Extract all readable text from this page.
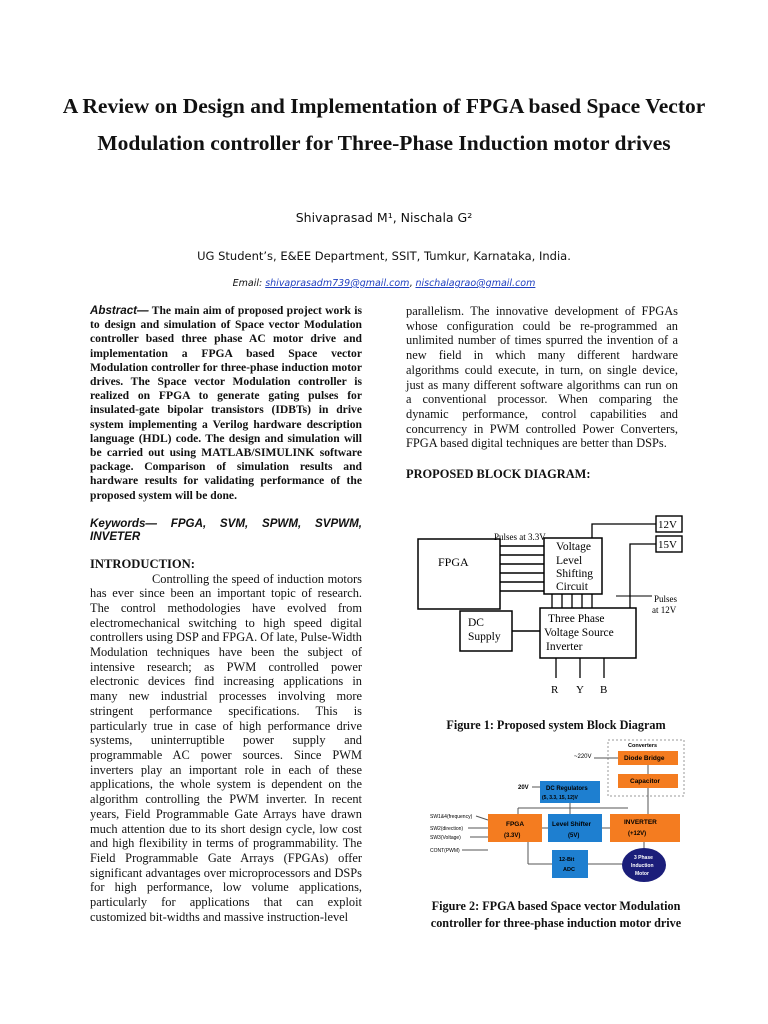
A Review on Design and Implementation of FPGA based Space Vector Modulation controller for Three-Phase Induction motor drives
Shivaprasad M¹, Nischala G²
UG Student’s, E&EE Department, SSIT, Tumkur, Karnataka, India.
Email: shivaprasadm739@gmail.com, nischalagrao@gmail.com
Abstract— The main aim of proposed project work is to design and simulation of Space vector Modulation controller based three phase AC motor drive and implementation a FPGA based Space vector Modulation controller for three-phase induction motor drives. The Space vector Modulation controller is realized on FPGA to generate gating pulses for insulated-gate bipolar transistors (IDBTs) in drive system implementing a Verilog hardware description language (HDL) code. The design and simulation will be carried out using MATLAB/SIMULINK software package. Comparison of simulation results and hardware results for validating performance of the proposed system will be done.
Keywords— FPGA, SVM, SPWM, SVPWM, INVETER
INTRODUCTION:

Controlling the speed of induction motors has ever since been an important topic of research. The control methodologies have evolved from electromechanical switching to high speed digital controllers using DSP and FPGA. Of late, Pulse-Width Modulation techniques have been the subject of intensive research; as PWM controlled power electronic devices find increasing applications in many new industrial processes involving more stringent performance specifications. This is particularly true in case of high performance drive systems, uninterruptible power supply and programmable AC power sources. Since PWM inverters play an important role in each of these applications, the whole system is dependent on the algorithm controlling the PWM inverter. In recent years, Field Programmable Gate Arrays have drawn much attention due to its short design cycle, low cost and high flexibility in terms of programmability. The Field Programmable Gate Arrays (FPGAs) offer significant advantages over microprocessors and DSPs for high performance, low volume applications, particularly for applications that can exploit customized bit-widths and massive instruction-level

parallelism. The innovative development of FPGAs whose configuration could be re-programmed an unlimited number of times spurred the invention of a new field in which many different hardware algorithms could execute, in turn, on single device, just as many different software algorithms can run on a conventional processor. When comparing the dynamic performance, control capabilities and concurrency in PWM controlled Power Converters, FPGA based digital techniques are better than DSPs.

PROPOSED BLOCK DIAGRAM:
FPGA
Pulses at 3.3V
Voltage
Level
Shifting
Circuit
12V
15V
Pulses
at 12V
DC
Supply
Three Phase
Voltage Source
Inverter
R Y B
Figure 1: Proposed system Block Diagram
Converters
Diode Bridge
Capacitor
~220V
20V	DC Regulators
(5, 3.3, 15, 12)V
SW1&4(frequency)
SW2(direction)
SW3(Voltage)
FPGA
(3.3V)
Level Shifter
(5V)
INVERTER
(+12V)
CONT(PWM)
12-Bit
ADC
3 Phase
Induction
Motor
Figure 2: FPGA based Space vector Modulation controller for three-phase induction motor drive
